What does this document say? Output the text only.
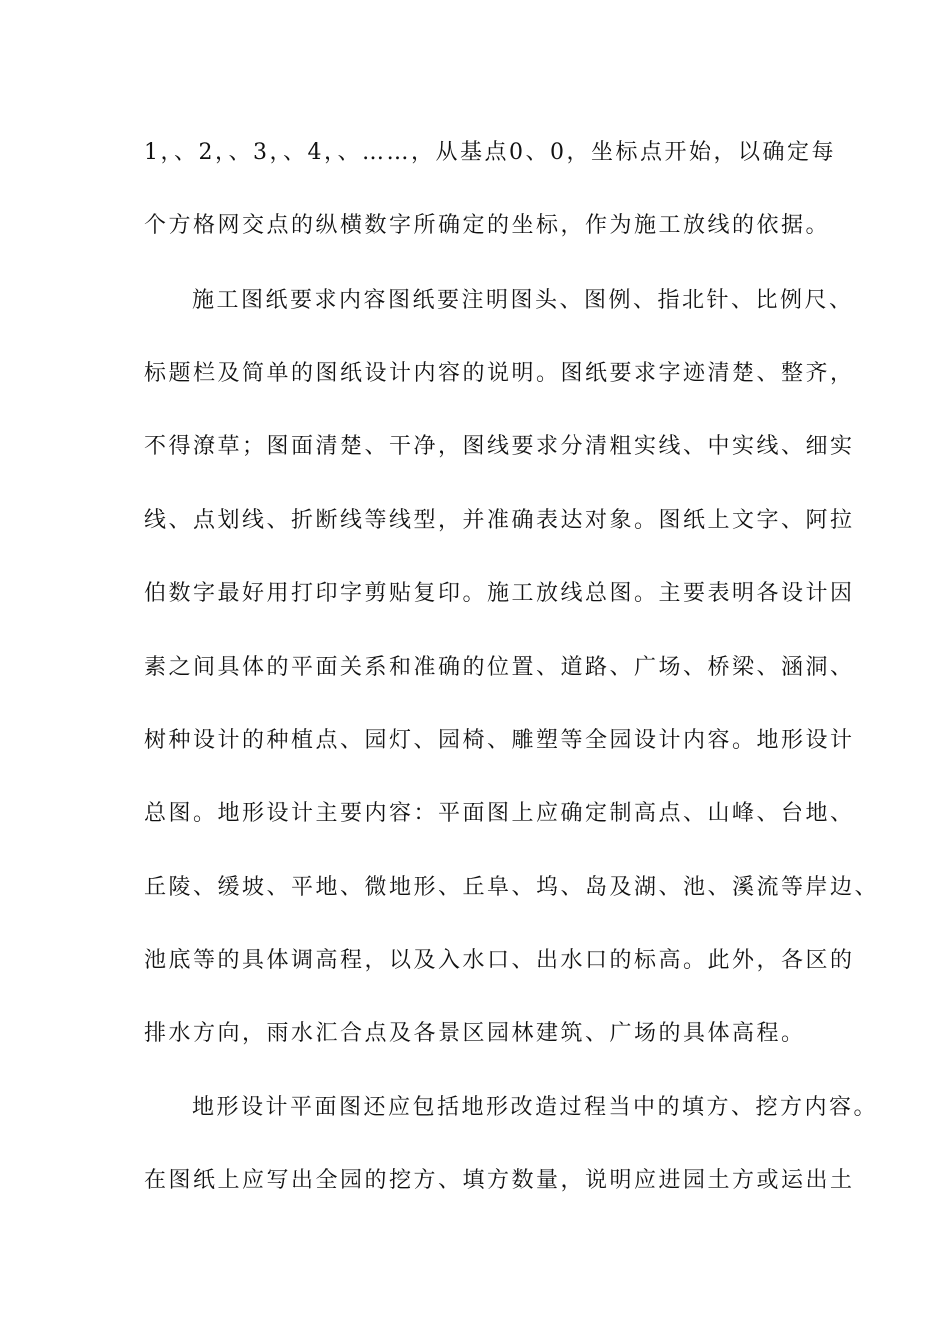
1，、2，、3，、4，、……，从基点0、0，坐标点开始，以确定每
个方格网交点的纵横数字所确定的坐标，作为施工放线的依据。
施工图纸要求内容图纸要注明图头、图例、指北针、比例尺、
标题栏及简单的图纸设计内容的说明。图纸要求字迹清楚、整齐，
不得潦草；图面清楚、干净，图线要求分清粗实线、中实线、细实
线、点划线、折断线等线型，并准确表达对象。图纸上文字、阿拉
伯数字最好用打印字剪贴复印。施工放线总图。主要表明各设计因
素之间具体的平面关系和准确的位置、道路、广场、桥梁、涵洞、
树种设计的种植点、园灯、园椅、雕塑等全园设计内容。地形设计
总图。地形设计主要内容：平面图上应确定制高点、山峰、台地、
丘陵、缓坡、平地、微地形、丘阜、坞、岛及湖、池、溪流等岸边、
池底等的具体调高程，以及入水口、出水口的标高。此外，各区的
排水方向，雨水汇合点及各景区园林建筑、广场的具体高程。
地形设计平面图还应包括地形改造过程当中的填方、挖方内容。
在图纸上应写出全园的挖方、填方数量，说明应进园土方或运出土
